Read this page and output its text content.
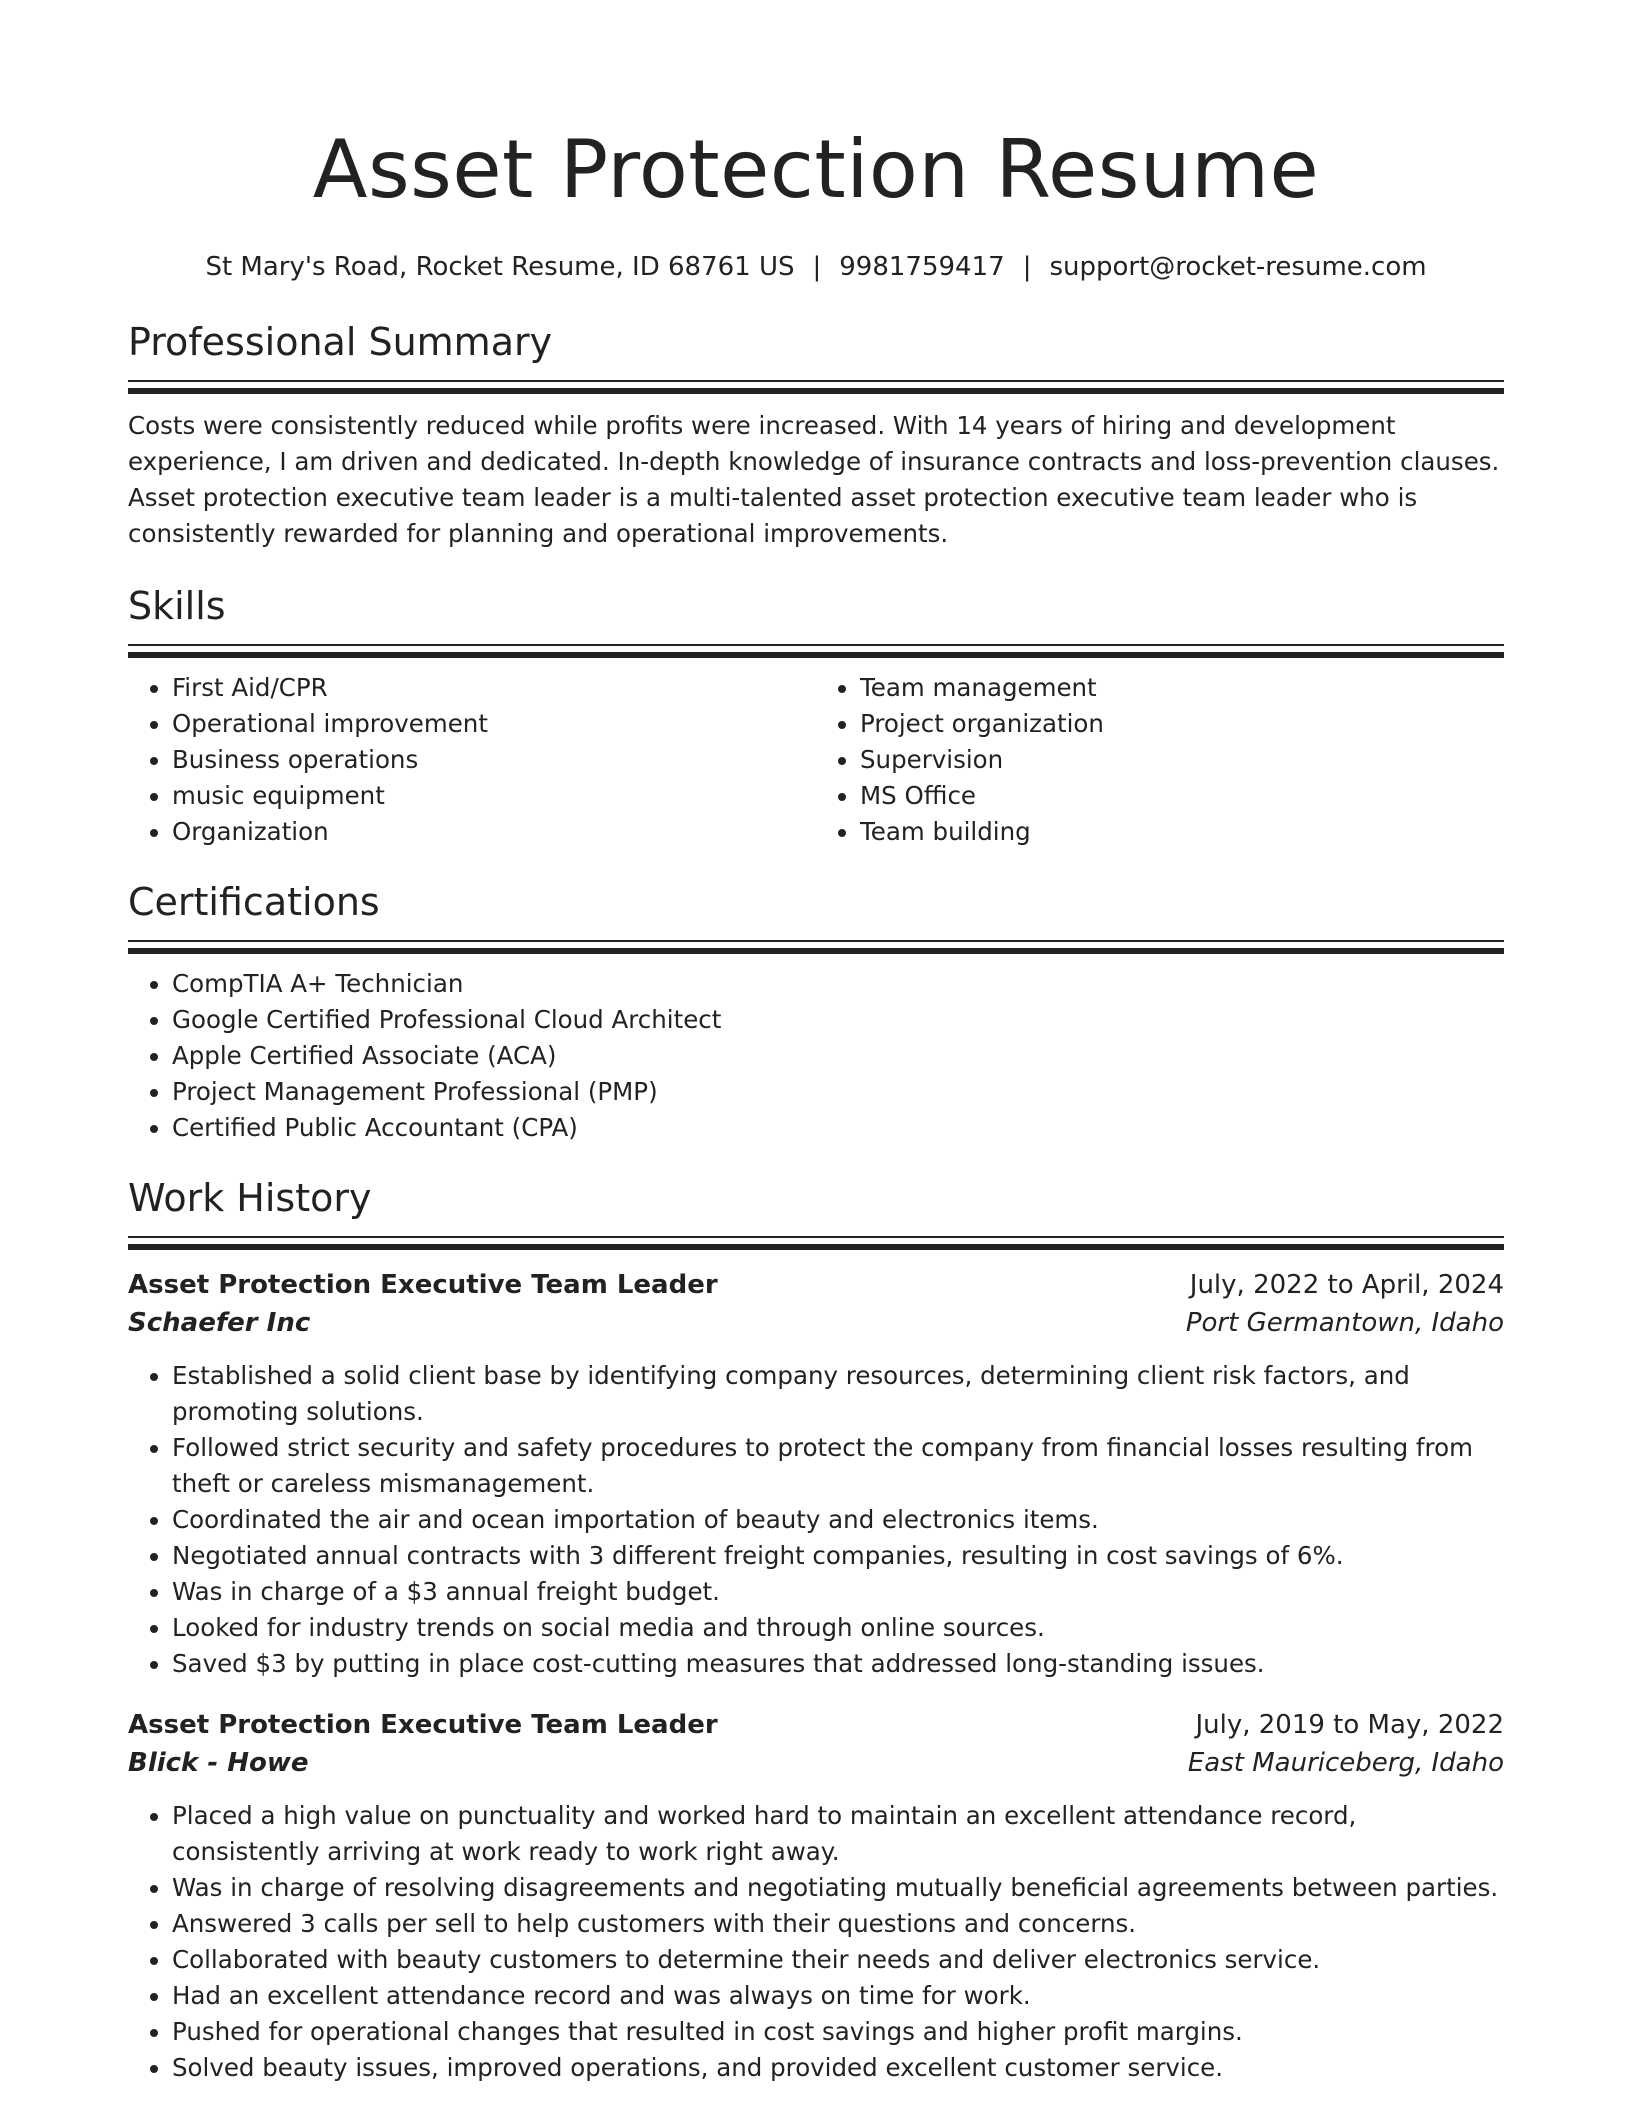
Asset Protection Resume
St Mary's Road, Rocket Resume, ID 68761 US | 9981759417 | support@rocket-resume.com
Professional Summary

Costs were consistently reduced while profits were increased. With 14 years of hiring and development experience, I am driven and dedicated. In-depth knowledge of insurance contracts and loss-prevention clauses. Asset protection executive team leader is a multi-talented asset protection executive team leader who is consistently rewarded for planning and operational improvements.

Skills
• First Aid/CPR
• Operational improvement
• Business operations
• music equipment
• Organization
• Team management
• Project organization
• Supervision
• MS Office
• Team building
Certifications
• CompTIA A+ Technician
• Google Certified Professional Cloud Architect
• Apple Certified Associate (ACA)
• Project Management Professional (PMP)
• Certified Public Accountant (CPA)
Work History
Asset Protection Executive Team Leader	July, 2022 to April, 2024
Schaefer Inc	Port Germantown, Idaho
• Established a solid client base by identifying company resources, determining client risk factors, and promoting solutions.
• Followed strict security and safety procedures to protect the company from financial losses resulting from theft or careless mismanagement.
• Coordinated the air and ocean importation of beauty and electronics items.
• Negotiated annual contracts with 3 different freight companies, resulting in cost savings of 6%.
• Was in charge of a $3 annual freight budget.
• Looked for industry trends on social media and through online sources.
• Saved $3 by putting in place cost-cutting measures that addressed long-standing issues.
Asset Protection Executive Team Leader	July, 2019 to May, 2022
Blick - Howe	East Mauriceberg, Idaho
• Placed a high value on punctuality and worked hard to maintain an excellent attendance record, consistently arriving at work ready to work right away.
• Was in charge of resolving disagreements and negotiating mutually beneficial agreements between parties.
• Answered 3 calls per sell to help customers with their questions and concerns.
• Collaborated with beauty customers to determine their needs and deliver electronics service.
• Had an excellent attendance record and was always on time for work.
• Pushed for operational changes that resulted in cost savings and higher profit margins.
• Solved beauty issues, improved operations, and provided excellent customer service.
